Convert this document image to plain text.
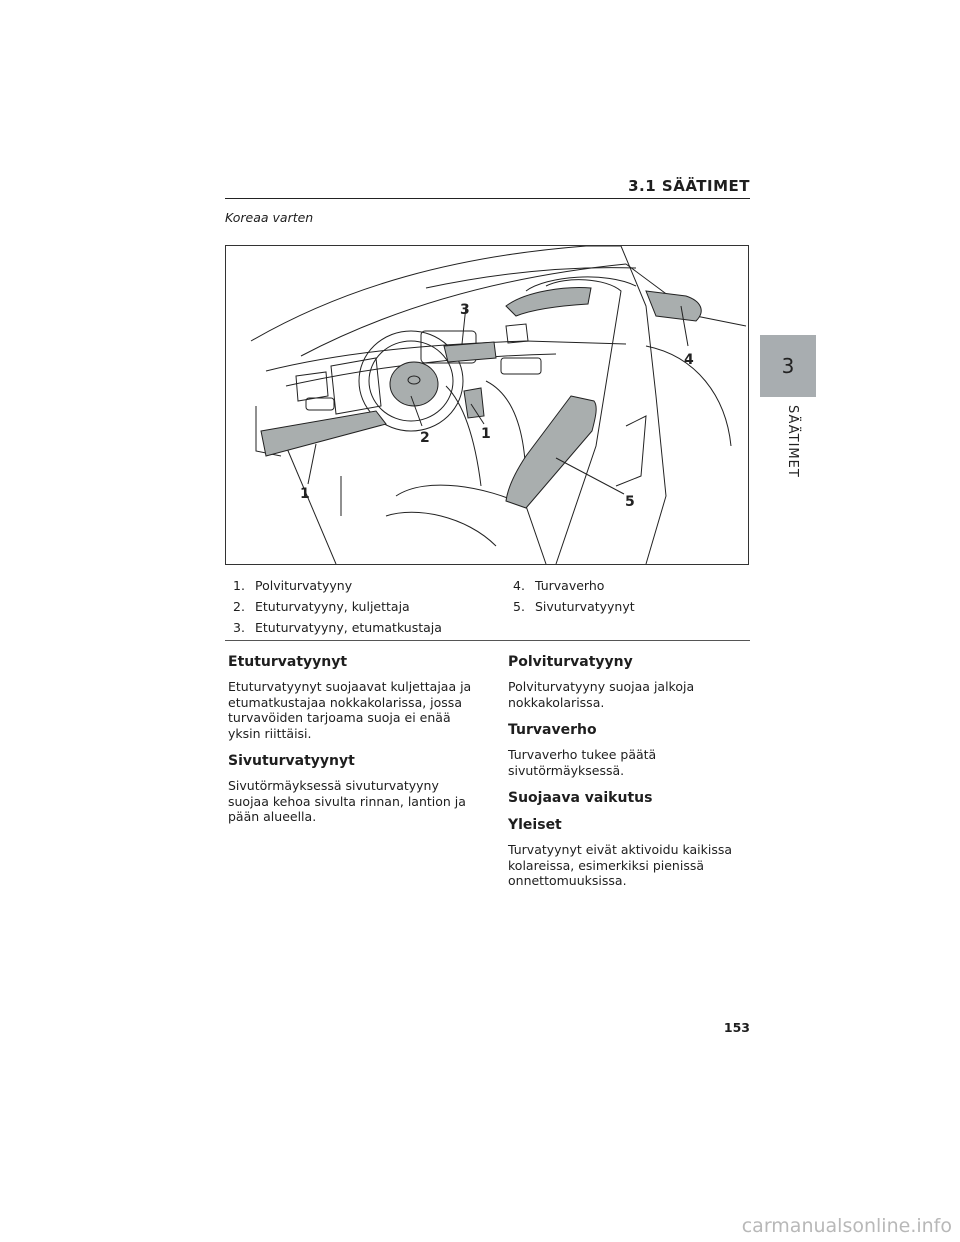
3.1 SÄÄTIMET
Koreaa varten
3
4
2	1
1	5
1. Polviturvatyyny
2. Etuturvatyyny, kuljettaja
3. Etuturvatyyny, etumatkustaja
4. Turvaverho
5. Sivuturvatyynyt
Etuturvatyynyt

Etuturvatyynyt suojaavat kuljettajaa ja etumatkustajaa nokkakolarissa, jossa turvavöiden tarjoama suoja ei enää yksin riittäisi.

Sivuturvatyynyt

Sivutörmäyksessä sivuturvatyyny suojaa kehoa sivulta rinnan, lantion ja pään alueella.

Polviturvatyyny

Polviturvatyyny suojaa jalkoja nokkakolarissa.

Turvaverho

Turvaverho tukee päätä sivutörmäyksessä.

Suojaava vaikutus
Yleiset

Turvatyynyt eivät aktivoidu kaikissa kolareissa, esimerkiksi pienissä onnettomuuksissa.

3
SÄÄTIMET
153
carmanualsonline.info
